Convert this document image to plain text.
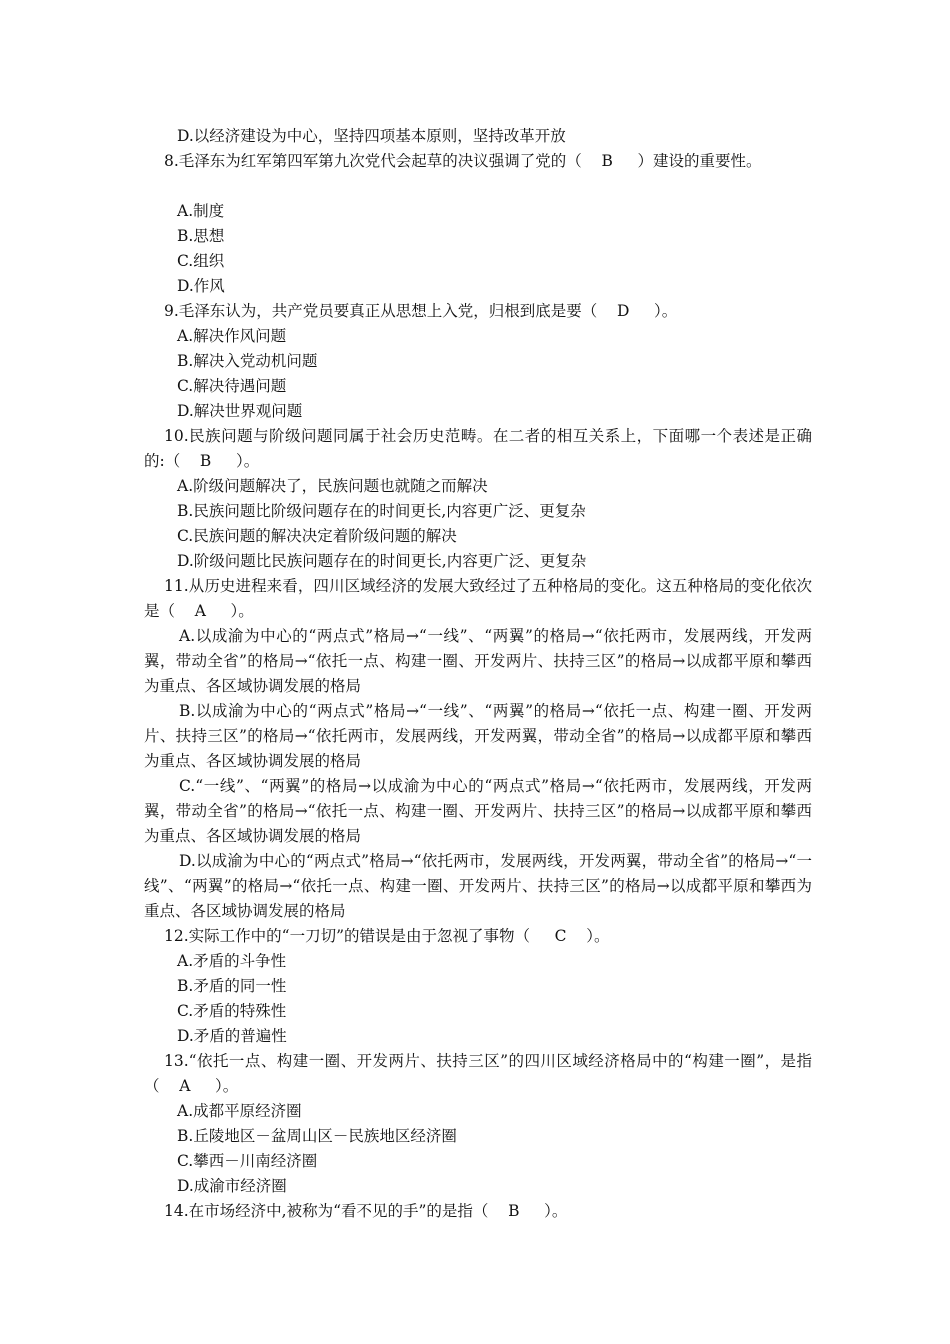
D.以经济建设为中心，坚持四项基本原则，坚持改革开放
8.毛泽东为红军第四军第九次党代会起草的决议强调了党的（    B     ）建设的重要性。
A.制度
B.思想
C.组织
D.作风
9.毛泽东认为，共产党员要真正从思想上入党，归根到底是要（    D     ）。
A.解决作风问题
B.解决入党动机问题
C.解决待遇问题
D.解决世界观问题
10.民族问题与阶级问题同属于社会历史范畴。在二者的相互关系上，下面哪一个表述是正确的:（    B     ）。
A.阶级问题解决了，民族问题也就随之而解决
B.民族问题比阶级问题存在的时间更长,内容更广泛、更复杂
C.民族问题的解决决定着阶级问题的解决
D.阶级问题比民族问题存在的时间更长,内容更广泛、更复杂
11.从历史进程来看，四川区域经济的发展大致经过了五种格局的变化。这五种格局的变化依次是（    A     ）。
A.以成渝为中心的“两点式”格局→“一线”、“两翼”的格局→“依托两市，发展两线，开发两翼，带动全省”的格局→“依托一点、构建一圈、开发两片、扶持三区”的格局→以成都平原和攀西为重点、各区域协调发展的格局
B.以成渝为中心的“两点式”格局→“一线”、“两翼”的格局→“依托一点、构建一圈、开发两片、扶持三区”的格局→“依托两市，发展两线，开发两翼，带动全省”的格局→以成都平原和攀西为重点、各区域协调发展的格局
C.“一线”、“两翼”的格局→以成渝为中心的“两点式”格局→“依托两市，发展两线，开发两翼，带动全省”的格局→“依托一点、构建一圈、开发两片、扶持三区”的格局→以成都平原和攀西为重点、各区域协调发展的格局
D.以成渝为中心的“两点式”格局→“依托两市，发展两线，开发两翼，带动全省”的格局→“一线”、“两翼”的格局→“依托一点、构建一圈、开发两片、扶持三区”的格局→以成都平原和攀西为重点、各区域协调发展的格局
12.实际工作中的“一刀切”的错误是由于忽视了事物（     C    ）。
A.矛盾的斗争性
B.矛盾的同一性
C.矛盾的特殊性
D.矛盾的普遍性
13.“依托一点、构建一圈、开发两片、扶持三区”的四川区域经济格局中的“构建一圈”，是指（    A     ）。
A.成都平原经济圈
B.丘陵地区－盆周山区－民族地区经济圈
C.攀西－川南经济圈
D.成渝市经济圈
14.在市场经济中,被称为“看不见的手”的是指（    B     ）。
